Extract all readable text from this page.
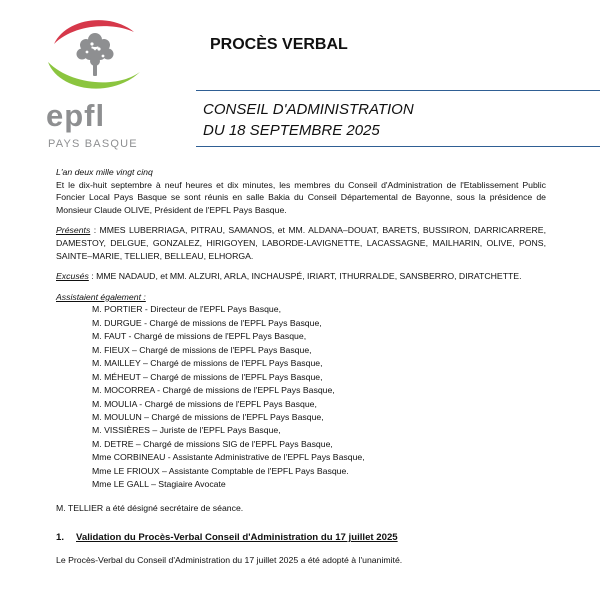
epfl
PAYS BASQUE
PROCÈS VERBAL
CONSEIL D'ADMINISTRATION
DU 18 SEPTEMBRE 2025

L'an deux mille vingt cinq

Et le dix-huit septembre à neuf heures et dix minutes, les membres du Conseil d'Administration de l'Etablissement Public Foncier Local Pays Basque se sont réunis en salle Bakia du Conseil Départemental de Bayonne, sous la présidence de Monsieur Claude OLIVE, Président de l'EPFL Pays Basque.

Présents : MMES LUBERRIAGA, PITRAU, SAMANOS, et MM. ALDANA–DOUAT, BARETS, BUSSIRON, DARRICARRERE, DAMESTOY, DELGUE, GONZALEZ, HIRIGOYEN, LABORDE-LAVIGNETTE, LACASSAGNE, MAILHARIN, OLIVE, PONS, SAINTE–MARIE, TELLIER, BELLEAU, ELHORGA.

Excusés : MME NADAUD, et MM. ALZURI, ARLA, INCHAUSPÉ, IRIART, ITHURRALDE, SANSBERRO, DIRATCHETTE.

Assistaient également :

M. PORTIER - Directeur de l'EPFL Pays Basque,
M. DURGUE - Chargé de missions de l'EPFL Pays Basque,
M. FAUT - Chargé de missions de l'EPFL Pays Basque,
M. FIEUX – Chargé de missions de l'EPFL Pays Basque,
M. MAILLEY – Chargé de missions de l'EPFL Pays Basque,
M. MÉHEUT – Chargé de missions de l'EPFL Pays Basque,
M. MOCORREA - Chargé de missions de l'EPFL Pays Basque,
M. MOULIA - Chargé de missions de l'EPFL Pays Basque,
M. MOULUN – Chargé de missions de l'EPFL Pays Basque,
M. VISSIÈRES – Juriste de l'EPFL Pays Basque,
M. DETRE – Chargé de missions SIG de l'EPFL Pays Basque,
Mme CORBINEAU - Assistante Administrative de l'EPFL Pays Basque,
Mme LE FRIOUX – Assistante Comptable de l'EPFL Pays Basque.
Mme LE GALL – Stagiaire Avocate

M. TELLIER a été désigné secrétaire de séance.

1. Validation du Procès-Verbal Conseil d'Administration du 17 juillet 2025

Le Procès-Verbal du Conseil d'Administration du 17 juillet 2025 a été adopté à l'unanimité.
